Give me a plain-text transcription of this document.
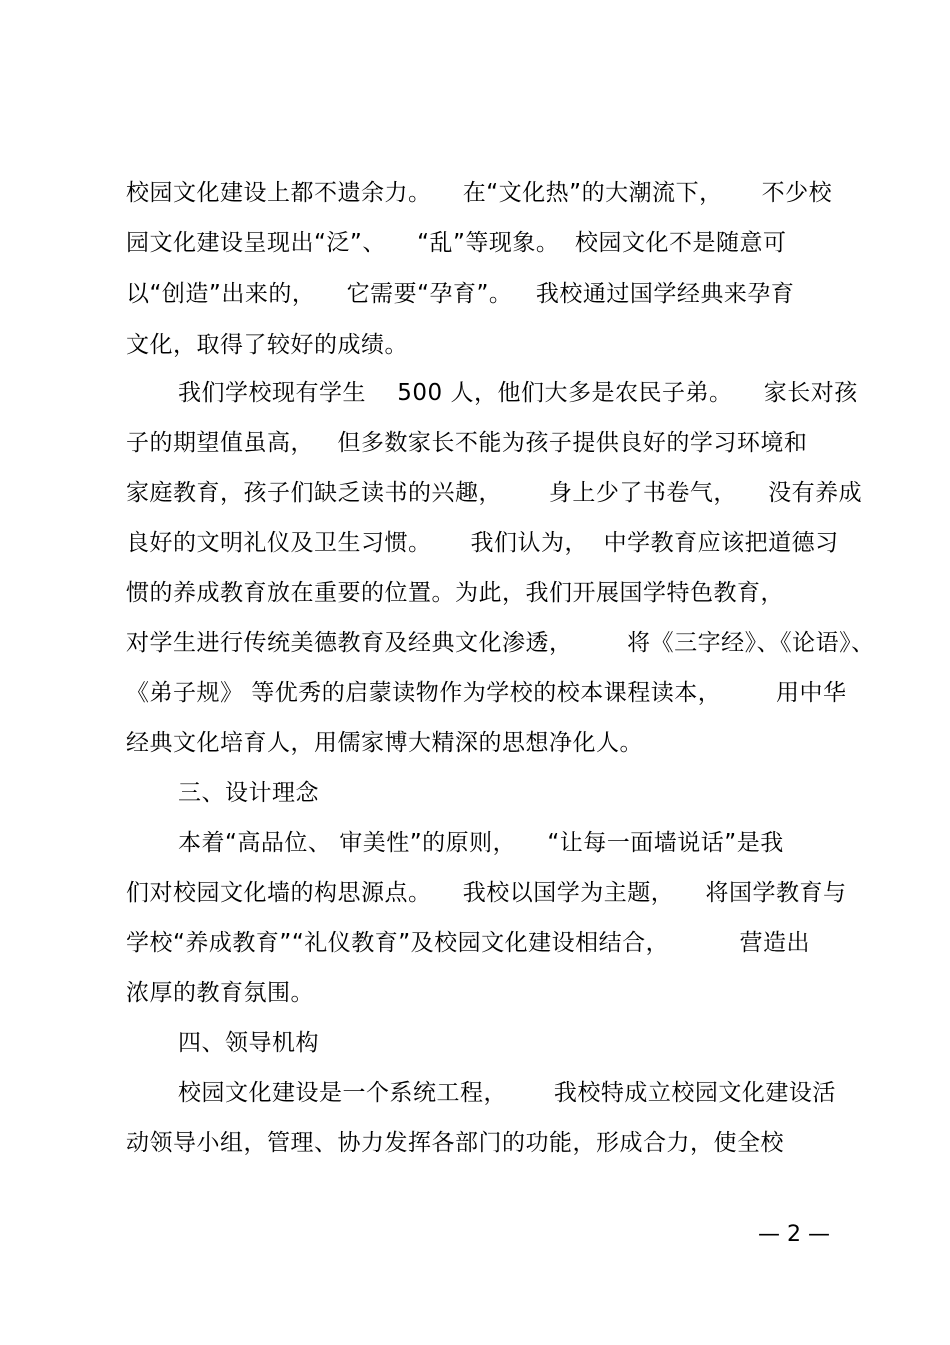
校园文化建设上都不遗余力。    在“文化热”的大潮流下，     不少校
园文化建设呈现出“泛”、    “乱”等现象。  校园文化不是随意可
以“创造”出来的，    它需要“孕育”。   我校通过国学经典来孕育
文化，取得了较好的成绩。
我们学校现有学生    500 人，他们大多是农民子弟。    家长对孩
子的期望值虽高，   但多数家长不能为孩子提供良好的学习环境和
家庭教育，孩子们缺乏读书的兴趣，      身上少了书卷气，    没有养成
良好的文明礼仪及卫生习惯。     我们认为，  中学教育应该把道德习
惯的养成教育放在重要的位置。为此，我们开展国学特色教育，
对学生进行传统美德教育及经典文化渗透，       将《三字经》、《论语》、
《弟子规》 等优秀的启蒙读物作为学校的校本课程读本，       用中华
经典文化培育人，用儒家博大精深的思想净化人。
三、设计理念
本着“高品位、 审美性”的原则，    “让每一面墙说话”是我
们对校园文化墙的构思源点。    我校以国学为主题，    将国学教育与
学校“养成教育”“礼仪教育”及校园文化建设相结合，         营造出
浓厚的教育氛围。
四、领导机构
校园文化建设是一个系统工程，      我校特成立校园文化建设活
动领导小组，管理、协力发挥各部门的功能，形成合力，使全校
— 2 —
